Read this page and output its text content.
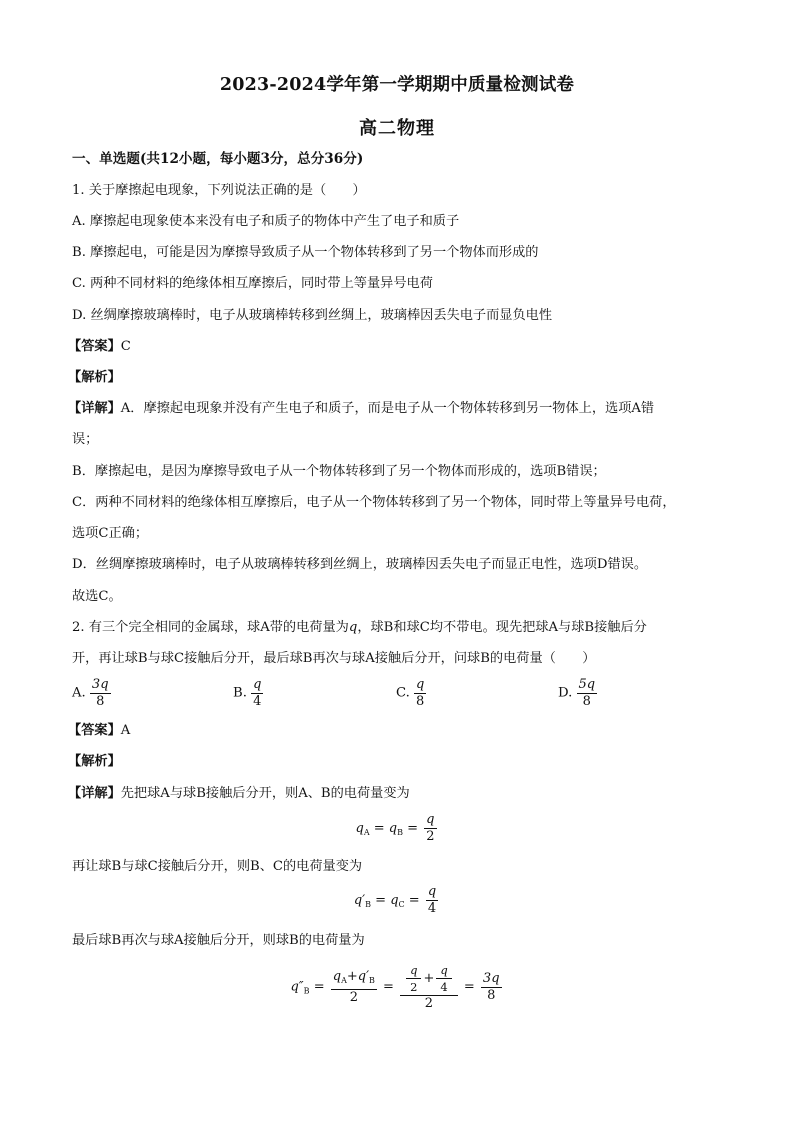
2023-2024学年第一学期期中质量检测试卷
高二物理
一、单选题(共12小题，每小题3分，总分36分)
1. 关于摩擦起电现象，下列说法正确的是（　　）
A. 摩擦起电现象使本来没有电子和质子的物体中产生了电子和质子
B. 摩擦起电，可能是因为摩擦导致质子从一个物体转移到了另一个物体而形成的
C. 两种不同材料的绝缘体相互摩擦后，同时带上等量异号电荷
D. 丝绸摩擦玻璃棒时，电子从玻璃棒转移到丝绸上，玻璃棒因丢失电子而显负电性
【 答案 】 C
【 解析 】
【 详解 】 A．摩擦起电现象并没有产生电子和质子，而是电子从一个物体转移到另一物体上，选项A错
误；
B．摩擦起电，是因为摩擦导致电子从一个物体转移到了另一个物体而形成的，选项B错误；
C．两种不同材料的绝缘体相互摩擦后，电子从一个物体转移到了另一个物体，同时带上等量异号电荷，
选项C正确；
D．丝绸摩擦玻璃棒时，电子从玻璃棒转移到丝绸上，玻璃棒因丢失电子而显正电性，选项D错误。
故选C。
2. 有三个完全相同的金属球，球A带的电荷量为q，球B和球C均不带电。现先把球A与球B接触后分
开，再让球B与球C接触后分开，最后球B再次与球A接触后分开，问球B的电荷量（　　）
A. $\frac{3q}{8}$	B. $\frac{q}{4}$	C. $\frac{q}{8}$	D. $\frac{5q}{8}$
【 答案 】 A
【 解析 】
【 详解 】 先把球A与球B接触后分开，则A、B的电荷量变为
$q_A = q_B = \frac{q}{2}$
再让球B与球C接触后分开，则B、C的电荷量变为
$q'_B = q_C = \frac{q}{4}$
最后球B再次与球A接触后分开，则球B的电荷量为
$q''_B = \frac{q_A+q'_B}{2} = \frac{\frac{q}{2} + \frac{q}{4}}{2} = \frac{3q}{8}$
